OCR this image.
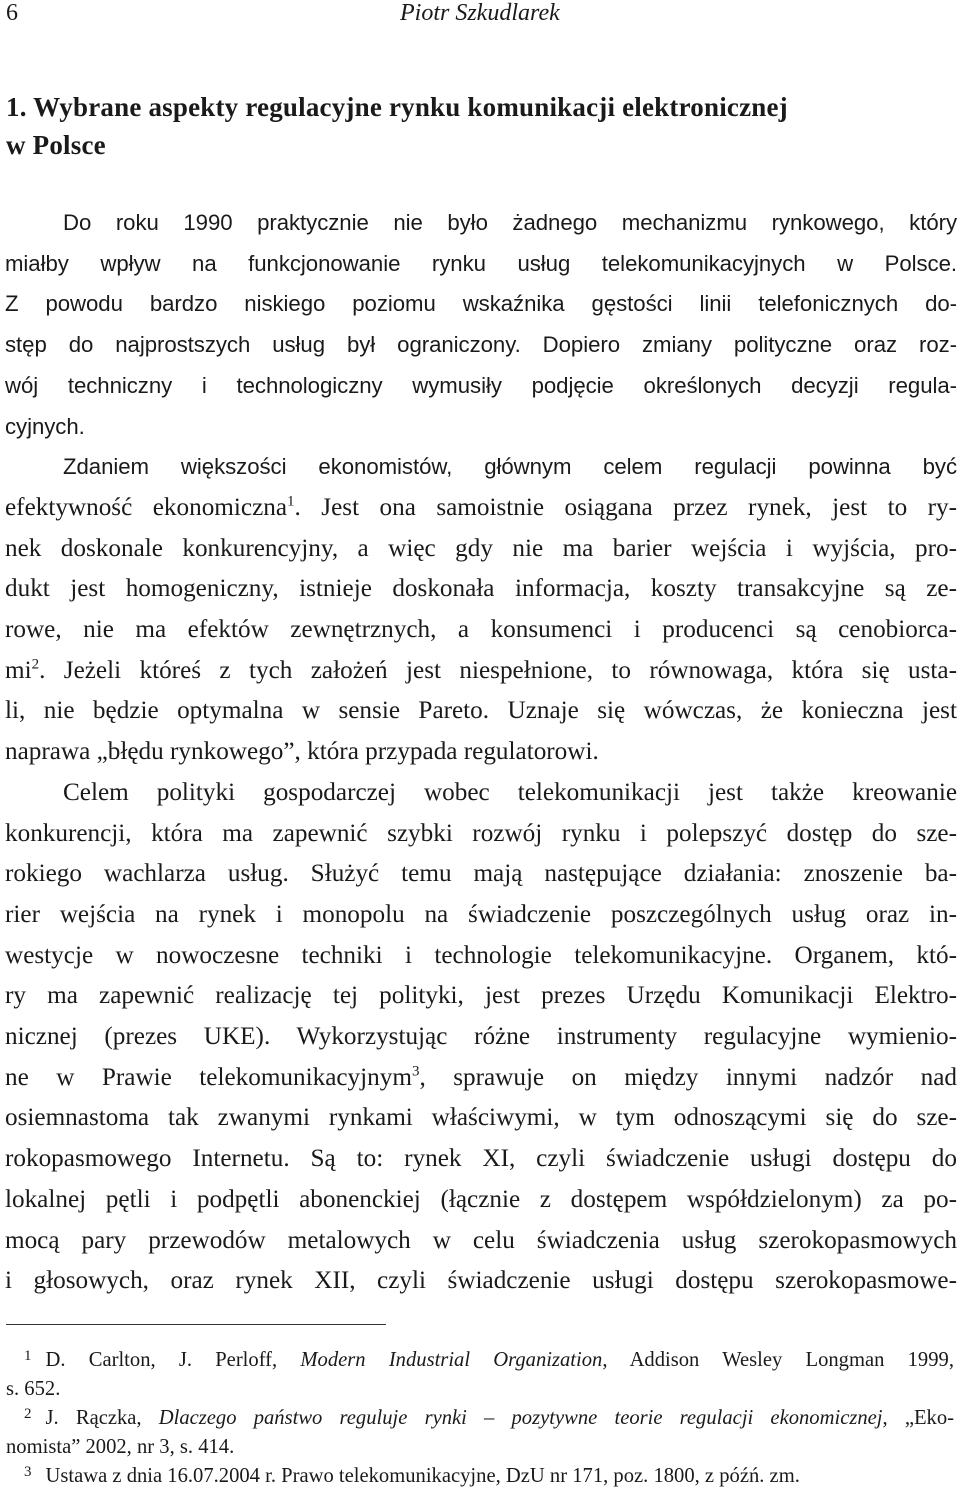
6	Piotr Szkudlarek
1. Wybrane aspekty regulacyjne rynku komunikacji elektronicznej
w Polsce
Do roku 1990 praktycznie nie było żadnego mechanizmu rynkowego, który
miałby wpływ na funkcjonowanie rynku usług telekomunikacyjnych w Polsce.
Z powodu bardzo niskiego poziomu wskaźnika gęstości linii telefonicznych do-
stęp do najprostszych usług był ograniczony. Dopiero zmiany polityczne oraz roz-
wój techniczny i technologiczny wymusiły podjęcie określonych decyzji regula-
cyjnych.
Zdaniem większości ekonomistów, głównym celem regulacji powinna być
efektywność ekonomiczna$^1$. Jest ona samoistnie osiągana przez rynek, jest to ry-
nek doskonale konkurencyjny, a więc gdy nie ma barier wejścia i wyjścia, pro-
dukt jest homogeniczny, istnieje doskonała informacja, koszty transakcyjne są ze-
rowe, nie ma efektów zewnętrznych, a konsumenci i producenci są cenobiorca-
$mi^2$. Jeżeli któreś z tych założeń jest niespełnione, to równowaga, która się usta-
li, nie będzie optymalna w sensie Pareto. Uznaje się wówczas, że konieczna jest
naprawa „błędu rynkowego”, która przypada regulatorowi.
Celem polityki gospodarczej wobec telekomunikacji jest także kreowanie
konkurencji, która ma zapewnić szybki rozwój rynku i polepszyć dostęp do sze-
rokiego wachlarza usług. Służyć temu mają następujące działania: znoszenie ba-
rier wejścia na rynek i monopolu na świadczenie poszczególnych usług oraz in-
westycje w nowoczesne techniki i technologie telekomunikacyjne. Organem, któ-
ry ma zapewnić realizację tej polityki, jest prezes Urzędu Komunikacji Elektro-
nicznej (prezes UKE). Wykorzystując różne instrumenty regulacyjne wymienio-
ne w Prawie telekomunikacyjnym$^3$, sprawuje on między innymi nadzór nad
osiemnastoma tak zwanymi rynkami właściwymi, w tym odnoszącymi się do sze-
rokopasmowego Internetu. Są to: rynek XI, czyli świadczenie usługi dostępu do
lokalnej pętli i podpętli abonenckiej (łącznie z dostępem współdzielonym) za po-
mocą pary przewodów metalowych w celu świadczenia usług szerokopasmowych
i głosowych, oraz rynek XII, czyli świadczenie usługi dostępu szerokopasmowe-
$^1$ D. Carlton, J. Perloff, Modern Industrial Organization, Addison Wesley Longman 1999,
s. 652.
$^2$ J. Rączka, Dlaczego państwo reguluje rynki – pozytywne teorie regulacji ekonomicznej, „Eko-
nomista” 2002, nr 3, s. 414.
$^3$ Ustawa z dnia 16.07.2004 r. Prawo telekomunikacyjne, DzU nr 171, poz. 1800, z późń. zm.
